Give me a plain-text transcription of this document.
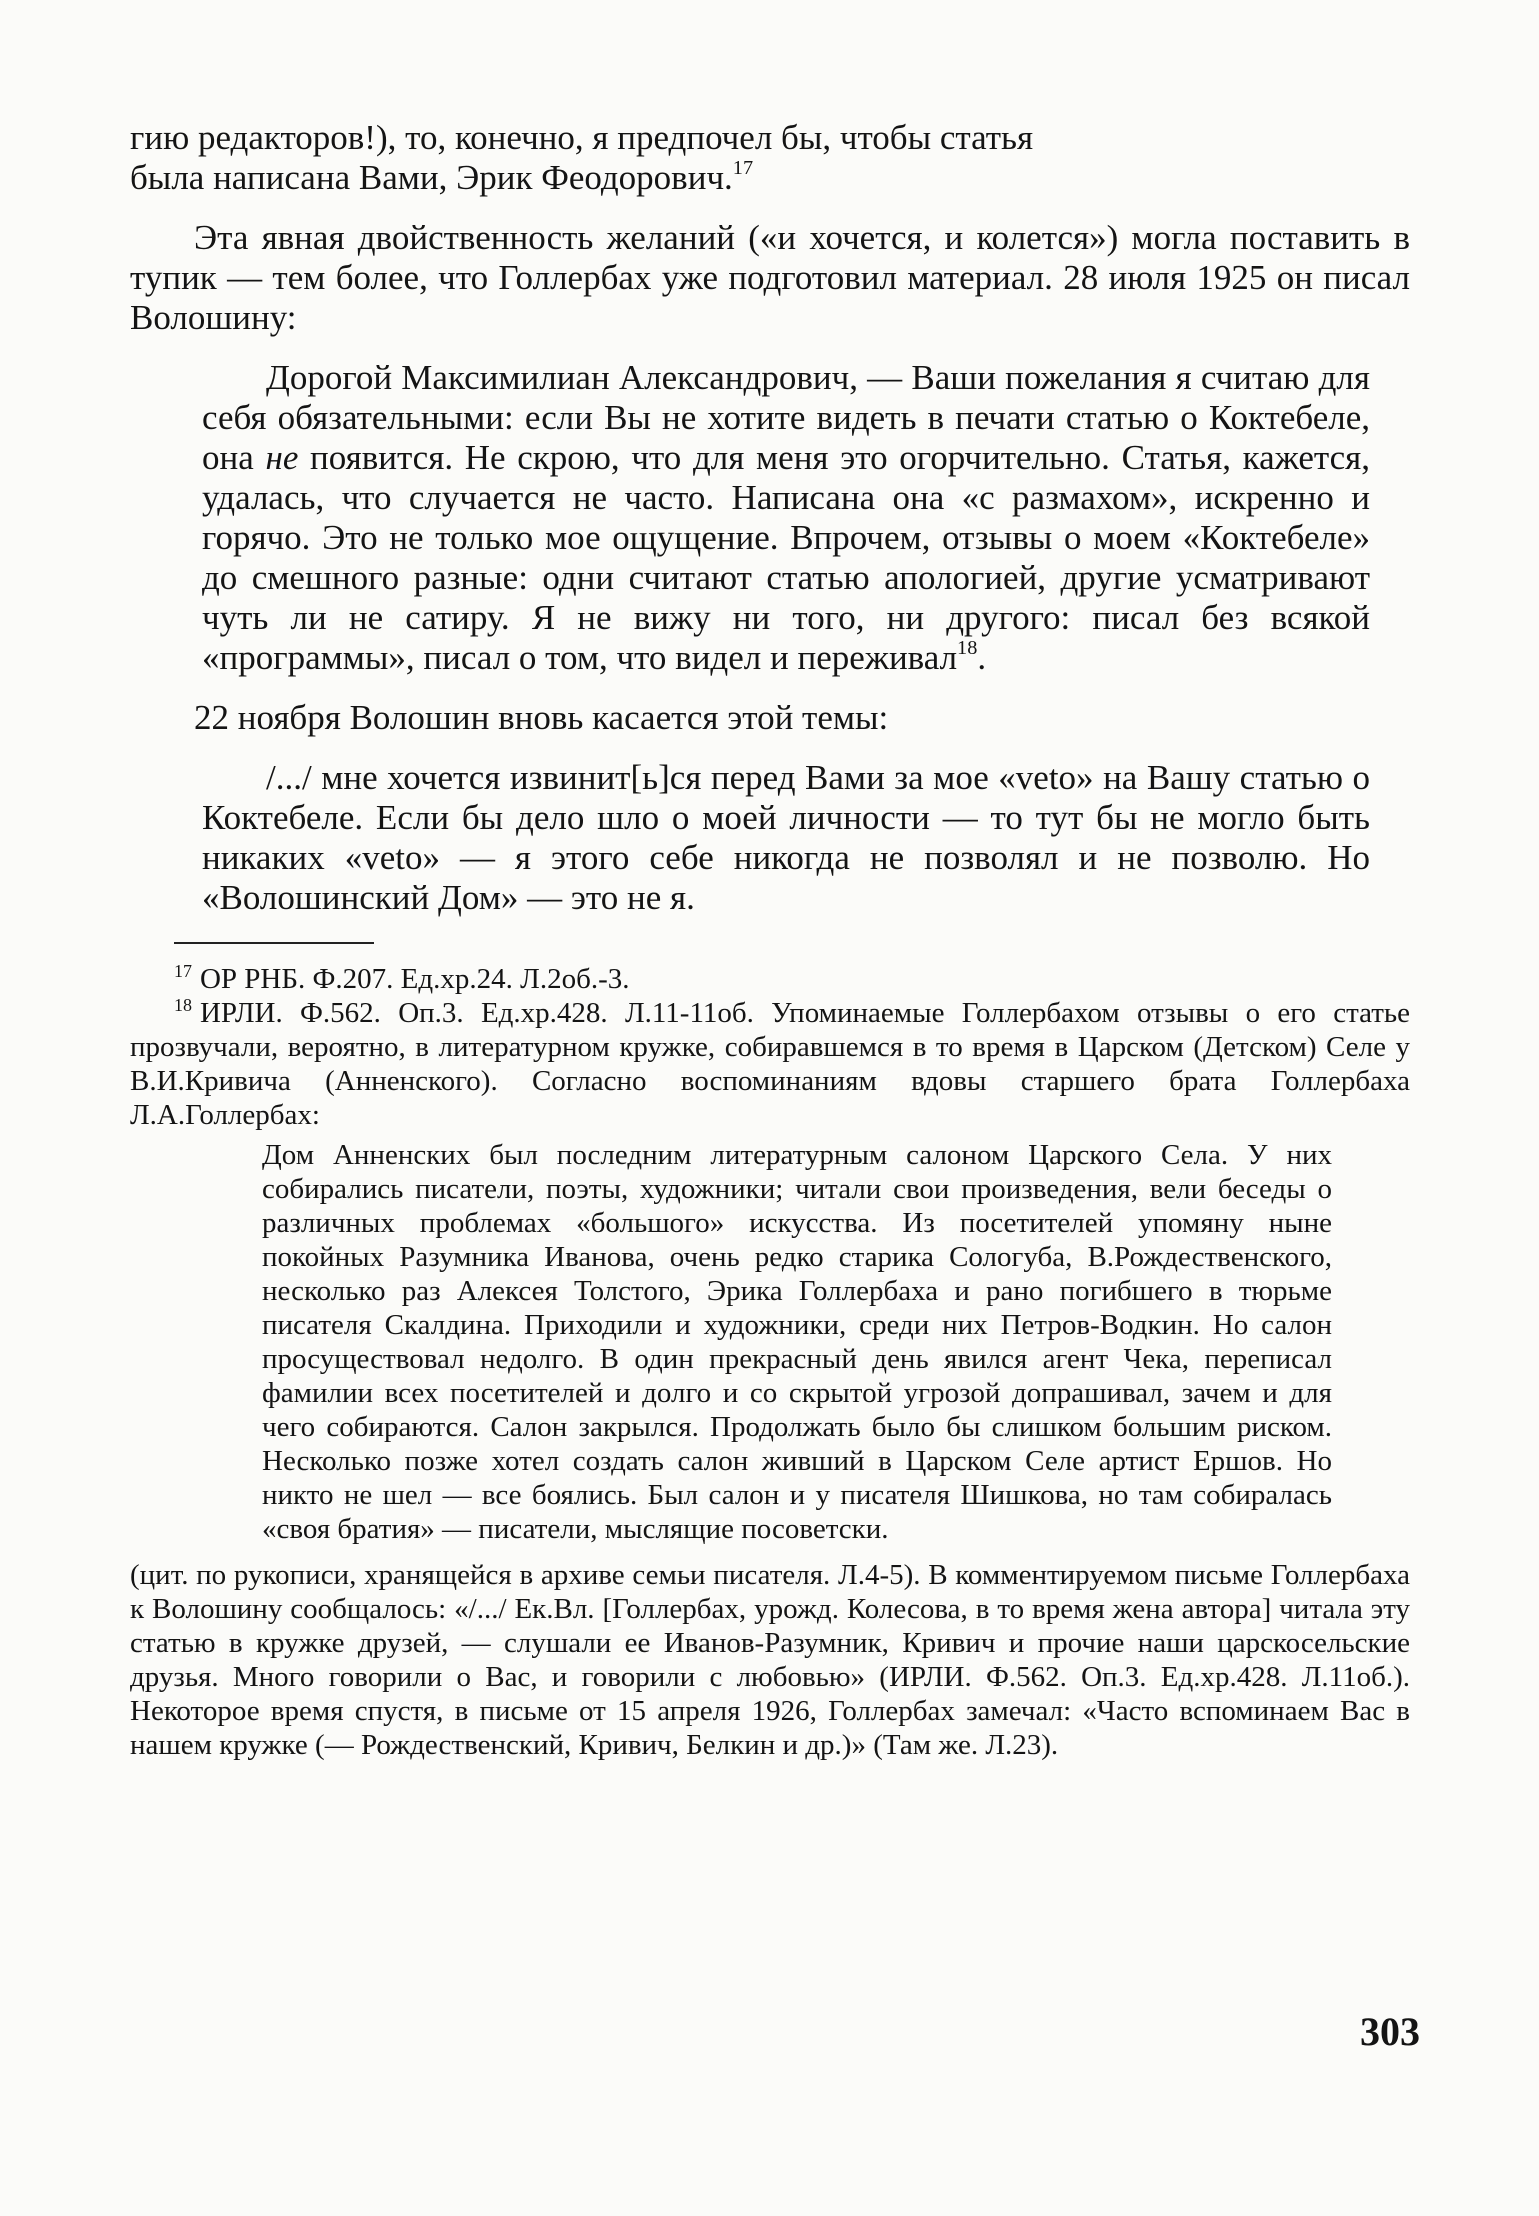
гию редакторов!), то, конечно, я предпочел бы, чтобы статья
была написана Вами, Эрик Феодорович.$^{17}$

Эта явная двойственность желаний («и хочется, и колется») могла поставить в тупик — тем более, что Голлербах уже подготовил материал. 28 июля 1925 он писал Волошину:

Дорогой Максимилиан Александрович, — Ваши пожелания я считаю для себя обязательными: если Вы не хотите видеть в печати статью о Коктебеле, она не появится. Не скрою, что для меня это огорчительно. Статья, кажется, удалась, что случается не часто. Написана она «с размахом», искренно и горячо. Это не только мое ощущение. Впрочем, отзывы о моем «Коктебеле» до смешного разные: одни считают статью апологией, другие усматривают чуть ли не сатиру. Я не вижу ни того, ни другого: писал без всякой «программы», писал о том, что видел и переживал$^{18}$.

22 ноября Волошин вновь касается этой темы:

/.../ мне хочется извинит[ь]ся перед Вами за мое «veto» на Вашу статью о Коктебеле. Если бы дело шло о моей личности — то тут бы не могло быть никаких «veto» — я этого себе никогда не позволял и не позволю. Но «Волошинский Дом» — это не я.

$^{17}$ ОР РНБ. Ф.207. Ед.хр.24. Л.2об.-3.

$^{18}$ ИРЛИ. Ф.562. Оп.3. Ед.хр.428. Л.11-11об. Упоминаемые Голлербахом отзывы о его статье прозвучали, вероятно, в литературном кружке, собиравшемся в то время в Царском (Детском) Селе у В.И.Кривича (Анненского). Согласно воспоминаниям вдовы старшего брата Голлербаха Л.А.Голлербах:

Дом Анненских был последним литературным салоном Царского Села. У них собирались писатели, поэты, художники; читали свои произведения, вели беседы о различных проблемах «большого» искусства. Из посетителей упомяну ныне покойных Разумника Иванова, очень редко старика Сологуба, В.Рождественского, несколько раз Алексея Толстого, Эрика Голлербаха и рано погибшего в тюрьме писателя Скалдина. Приходили и художники, среди них Петров-Водкин. Но салон просуществовал недолго. В один прекрасный день явился агент Чека, переписал фамилии всех посетителей и долго и со скрытой угрозой допрашивал, зачем и для чего собираются. Салон закрылся. Продолжать было бы слишком большим риском. Несколько позже хотел создать салон живший в Царском Селе артист Ершов. Но никто не шел — все боялись. Был салон и у писателя Шишкова, но там собиралась «своя братия» — писатели, мыслящие посоветски.

(цит. по рукописи, хранящейся в архиве семьи писателя. Л.4-5). В комментируемом письме Голлербаха к Волошину сообщалось: «/.../ Ек.Вл. [Голлербах, урожд. Колесова, в то время жена автора] читала эту статью в кружке друзей, — слушали ее Иванов-Разумник, Кривич и прочие наши царскосельские друзья. Много говорили о Вас, и говорили с любовью» (ИРЛИ. Ф.562. Оп.3. Ед.хр.428. Л.11об.). Некоторое время спустя, в письме от 15 апреля 1926, Голлербах замечал: «Часто вспоминаем Вас в нашем кружке (— Рождественский, Кривич, Белкин и др.)» (Там же. Л.23).

303
